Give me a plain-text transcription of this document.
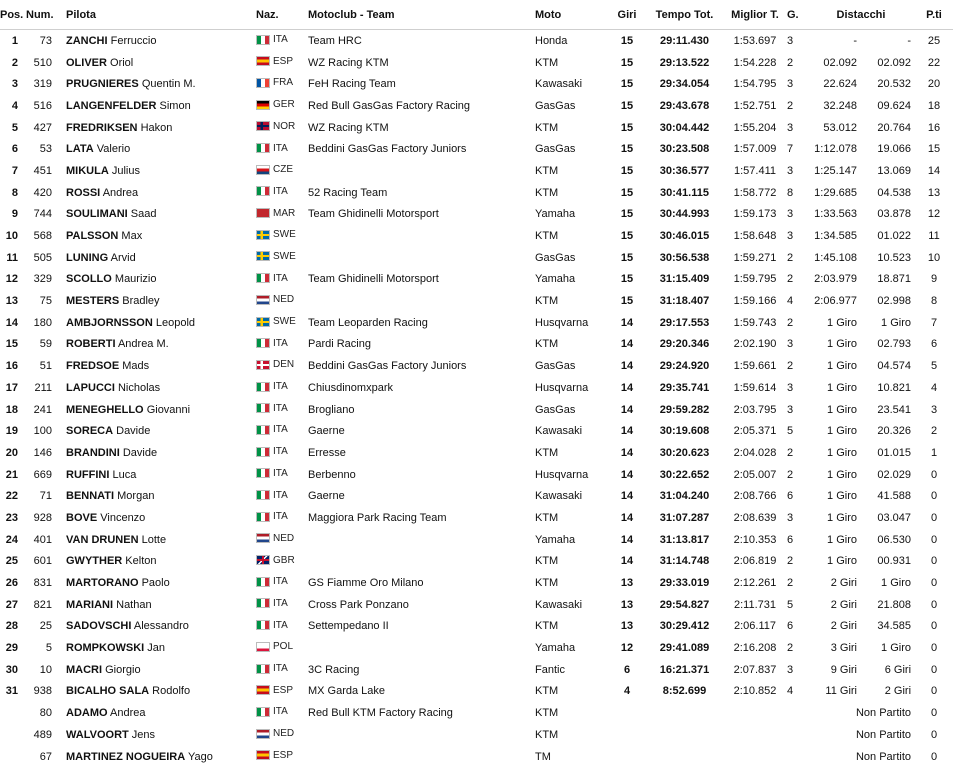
Pos.	Num.	Pilota	Naz.	Motoclub - Team	Moto	Giri	Tempo Tot.	Miglior T.	G.	Distacchi		P.ti
1	73	ZANCHI Ferruccio	ITA	Team HRC	Honda	15	29:11.430	1:53.697	3	-	-	25
2	510	OLIVER Oriol	ESP	WZ Racing KTM	KTM	15	29:13.522	1:54.228	2	02.092	02.092	22
3	319	PRUGNIERES Quentin M.	FRA	FeH Racing Team	Kawasaki	15	29:34.054	1:54.795	3	22.624	20.532	20
4	516	LANGENFELDER Simon	GER	Red Bull GasGas Factory Racing	GasGas	15	29:43.678	1:52.751	2	32.248	09.624	18
5	427	FREDRIKSEN Hakon	NOR	WZ Racing KTM	KTM	15	30:04.442	1:55.204	3	53.012	20.764	16
6	53	LATA Valerio	ITA	Beddini GasGas Factory Juniors	GasGas	15	30:23.508	1:57.009	7	1:12.078	19.066	15
7	451	MIKULA Julius	CZE		KTM	15	30:36.577	1:57.411	3	1:25.147	13.069	14
8	420	ROSSI Andrea	ITA	52 Racing Team	KTM	15	30:41.115	1:58.772	8	1:29.685	04.538	13
9	744	SOULIMANI Saad	MAR	Team Ghidinelli Motorsport	Yamaha	15	30:44.993	1:59.173	3	1:33.563	03.878	12
10	568	PALSSON Max	SWE		KTM	15	30:46.015	1:58.648	3	1:34.585	01.022	11
11	505	LUNING Arvid	SWE		GasGas	15	30:56.538	1:59.271	2	1:45.108	10.523	10
12	329	SCOLLO Maurizio	ITA	Team Ghidinelli Motorsport	Yamaha	15	31:15.409	1:59.795	2	2:03.979	18.871	9
13	75	MESTERS Bradley	NED		KTM	15	31:18.407	1:59.166	4	2:06.977	02.998	8
14	180	AMBJORNSSON Leopold	SWE	Team Leoparden Racing	Husqvarna	14	29:17.553	1:59.743	2	1 Giro	1 Giro	7
15	59	ROBERTI Andrea M.	ITA	Pardi Racing	KTM	14	29:20.346	2:02.190	3	1 Giro	02.793	6
16	51	FREDSOE Mads	DEN	Beddini GasGas Factory Juniors	GasGas	14	29:24.920	1:59.661	2	1 Giro	04.574	5
17	211	LAPUCCI Nicholas	ITA	Chiusdinomxpark	Husqvarna	14	29:35.741	1:59.614	3	1 Giro	10.821	4
18	241	MENEGHELLO Giovanni	ITA	Brogliano	GasGas	14	29:59.282	2:03.795	3	1 Giro	23.541	3
19	100	SORECA Davide	ITA	Gaerne	Kawasaki	14	30:19.608	2:05.371	5	1 Giro	20.326	2
20	146	BRANDINI Davide	ITA	Erresse	KTM	14	30:20.623	2:04.028	2	1 Giro	01.015	1
21	669	RUFFINI Luca	ITA	Berbenno	Husqvarna	14	30:22.652	2:05.007	2	1 Giro	02.029	0
22	71	BENNATI Morgan	ITA	Gaerne	Kawasaki	14	31:04.240	2:08.766	6	1 Giro	41.588	0
23	928	BOVE Vincenzo	ITA	Maggiora Park Racing Team	KTM	14	31:07.287	2:08.639	3	1 Giro	03.047	0
24	401	VAN DRUNEN Lotte	NED		Yamaha	14	31:13.817	2:10.353	6	1 Giro	06.530	0
25	601	GWYTHER Kelton	GBR		KTM	14	31:14.748	2:06.819	2	1 Giro	00.931	0
26	831	MARTORANO Paolo	ITA	GS Fiamme Oro Milano	KTM	13	29:33.019	2:12.261	2	2 Giri	1 Giro	0
27	821	MARIANI Nathan	ITA	Cross Park Ponzano	Kawasaki	13	29:54.827	2:11.731	5	2 Giri	21.808	0
28	25	SADOVSCHI Alessandro	ITA	Settempedano II	KTM	13	30:29.412	2:06.117	6	2 Giri	34.585	0
29	5	ROMPKOWSKI Jan	POL		Yamaha	12	29:41.089	2:16.208	2	3 Giri	1 Giro	0
30	10	MACRI Giorgio	ITA	3C Racing	Fantic	6	16:21.371	2:07.837	3	9 Giri	6 Giri	0
31	938	BICALHO SALA Rodolfo	ESP	MX Garda Lake	KTM	4	8:52.699	2:10.852	4	11 Giri	2 Giri	0
	80	ADAMO Andrea	ITA	Red Bull KTM Factory Racing	KTM					Non Partito		0
	489	WALVOORT Jens	NED		KTM					Non Partito		0
	67	MARTINEZ NOGUEIRA Yago	ESP		TM					Non Partito		0
